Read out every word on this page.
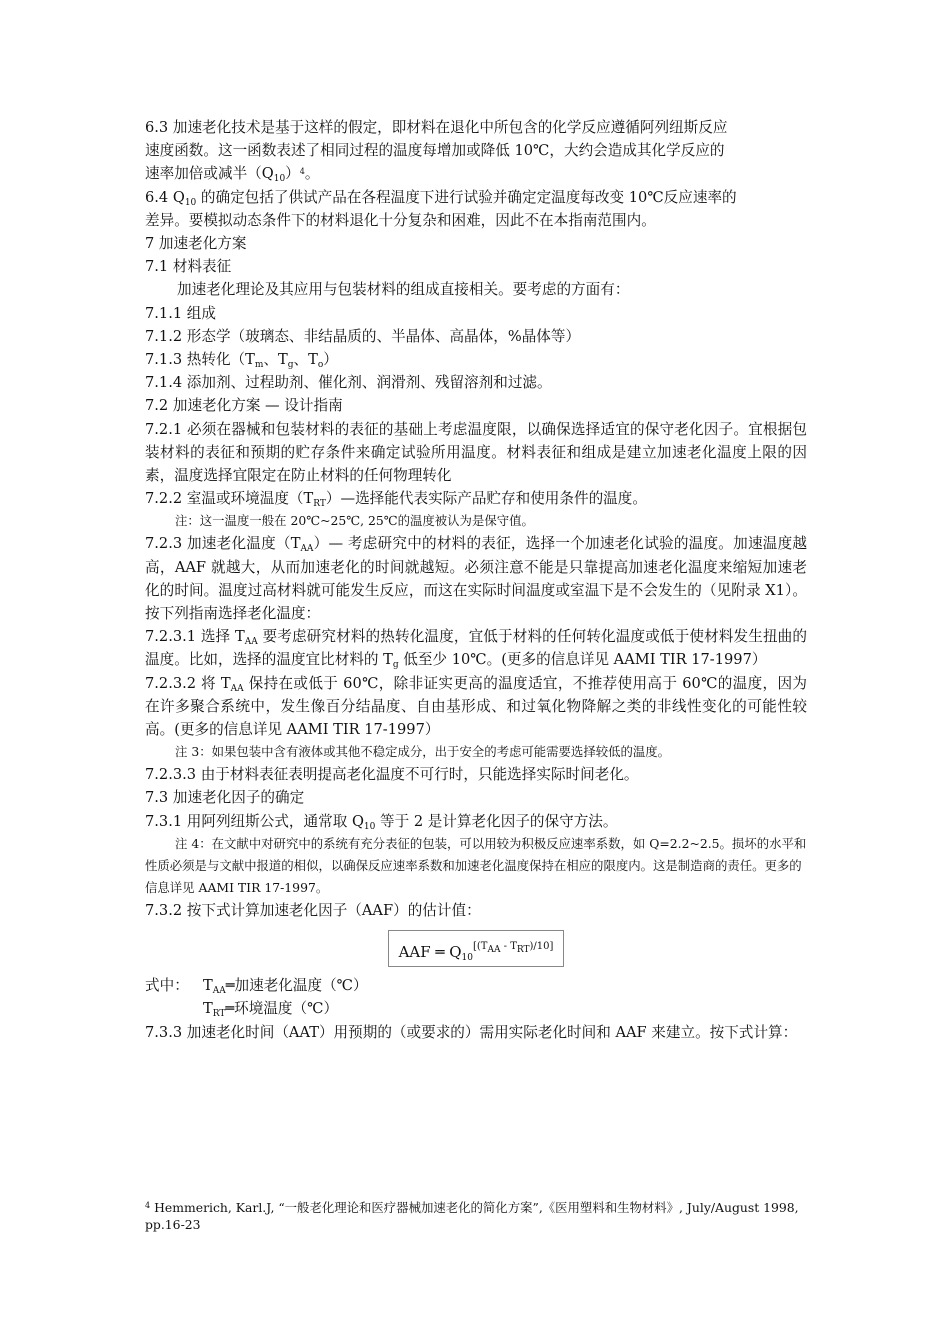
6.3 加速老化技术是基于这样的假定，即材料在退化中所包含的化学反应遵循阿列纽斯反应
速度函数。这一函数表述了相同过程的温度每增加或降低 10℃，大约会造成其化学反应的
速率加倍或减半$(Q_{10})^4$。
6.4 $Q_{10}$ 的确定包括了供试产品在各程温度下进行试验并确定定温度每改变 10℃反应速率的
差异。要模拟动态条件下的材料退化十分复杂和困难，因此不在本指南范围内。
7 加速老化方案
7.1 材料表征
加速老化理论及其应用与包装材料的组成直接相关。要考虑的方面有：
7.1.1 组成
7.1.2 形态学（玻璃态、非结晶质的、半晶体、高晶体，%晶体等）
7.1.3 热转化（$T_m$、$T_g$、$T_o$）
7.1.4 添加剂、过程助剂、催化剂、润滑剂、残留溶剂和过滤。
7.2 加速老化方案 — 设计指南
7.2.1 必须在器械和包装材料的表征的基础上考虑温度限，以确保选择适宜的保守老化因子。宜根据包装材料的表征和预期的贮存条件来确定试验所用温度。材料表征和组成是建立加速老化温度上限的因素，温度选择宜限定在防止材料的任何物理转化
7.2.2 室温或环境温度$(T_{RT})—$选择能代表实际产品贮存和使用条件的温度。
注：这一温度一般在 20℃~25℃, 25℃的温度被认为是保守值。
7.2.3 加速老化温度$(T_{AA})—$ 考虑研究中的材料的表征，选择一个加速老化试验的温度。加速温度越高，AAF 就越大，从而加速老化的时间就越短。必须注意不能是只靠提高加速老化温度来缩短加速老化的时间。温度过高材料就可能发生反应，而这在实际时间温度或室温下是不会发生的（见附录 X1）。按下列指南选择老化温度：
7.2.3.1 选择 $T_{AA}$ 要考虑研究材料的热转化温度，宜低于材料的任何转化温度或低于使材料发生扭曲的温度。比如，选择的温度宜比材料的 $T_g$ 低至少 10℃。(更多的信息详见 AAMI TIR 17-1997）
7.2.3.2 将 $T_{AA}$ 保持在或低于 60℃，除非证实更高的温度适宜，不推荐使用高于 60℃的温度，因为在许多聚合系统中，发生像百分结晶度、自由基形成、和过氧化物降解之类的非线性变化的可能性较高。(更多的信息详见 AAMI TIR 17-1997）
注 3：如果包装中含有液体或其他不稳定成分，出于安全的考虑可能需要选择较低的温度。
7.2.3.3 由于材料表征表明提高老化温度不可行时，只能选择实际时间老化。
7.3 加速老化因子的确定
7.3.1 用阿列纽斯公式，通常取 $Q_{10}$ 等于 2 是计算老化因子的保守方法。
注 4：在文献中对研究中的系统有充分表征的包装，可以用较为积极反应速率系数，如 Q=2.2~2.5。损坏的水平和性质必须是与文献中报道的相似，以确保反应速率系数和加速老化温度保持在相应的限度内。这是制造商的责任。更多的信息详见 AAMI TIR 17-1997。
7.3.2 按下式计算加速老化因子（AAF）的估计值：
AAF ═ $Q_{10}[(TAA - TRT)/10]$
式中： $T_{AA}═$加速老化温度（℃）
$T_{RT}═$环境温度（℃）
7.3.3 加速老化时间（AAT）用预期的（或要求的）需用实际老化时间和 AAF 来建立。按下式计算：
$^4$ Hemmerich, Karl.J, “一般老化理论和医疗器械加速老化的简化方案”,《医用塑料和生物材料》, July/August 1998, pp.16-23
